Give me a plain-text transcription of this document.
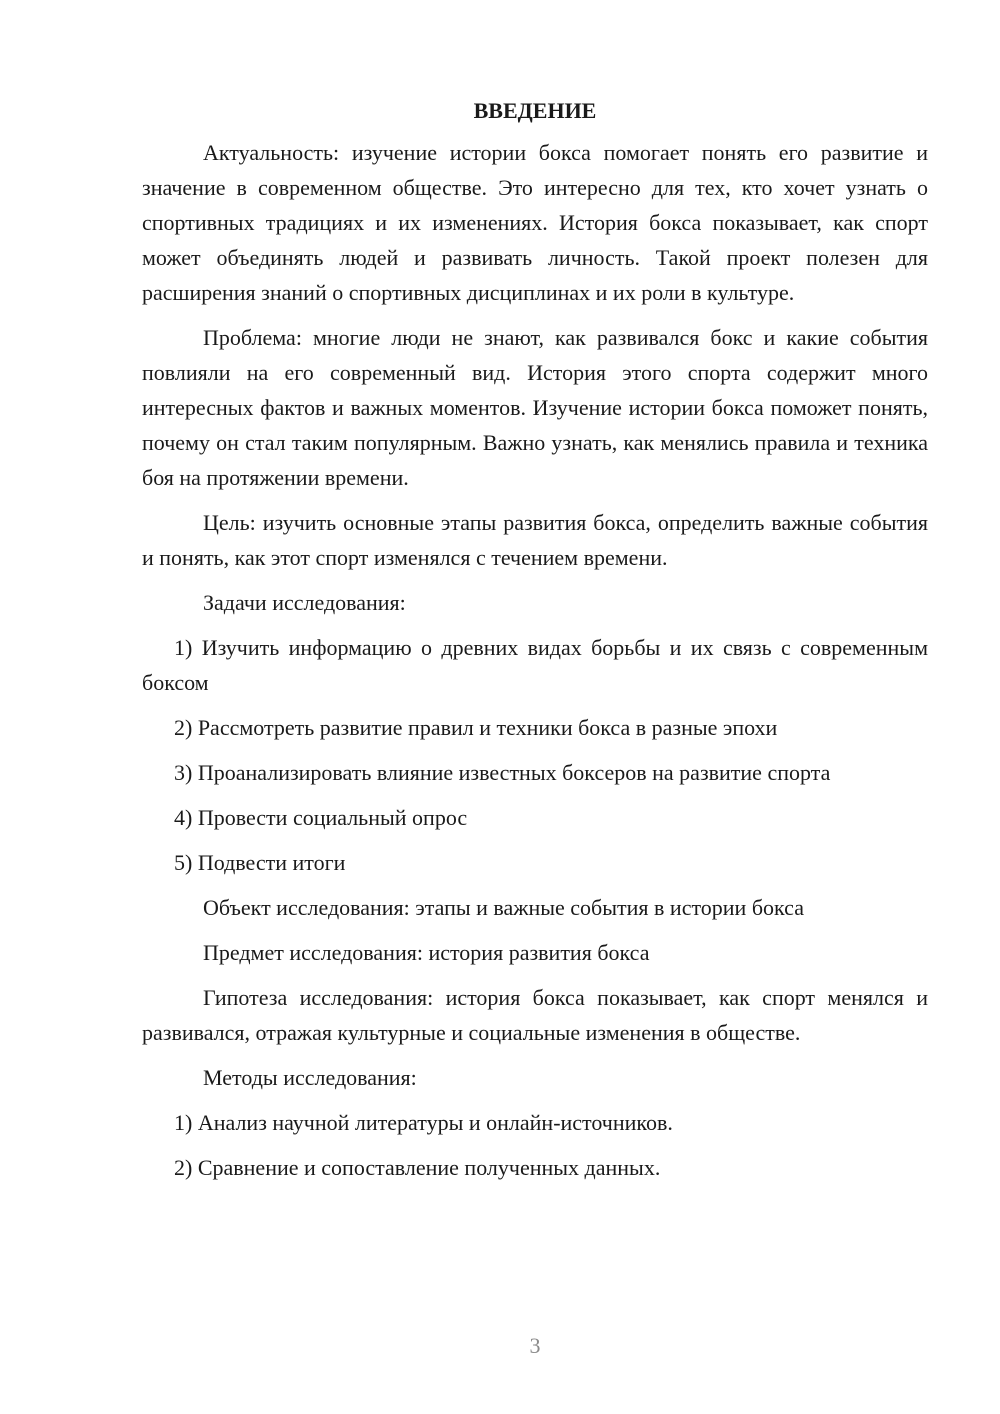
ВВЕДЕНИЕ

Актуальность: изучение истории бокса помогает понять его развитие и значение в современном обществе. Это интересно для тех, кто хочет узнать о спортивных традициях и их изменениях. История бокса показывает, как спорт может объединять людей и развивать личность. Такой проект полезен для расширения знаний о спортивных дисциплинах и их роли в культуре.

Проблема: многие люди не знают, как развивался бокс и какие события повлияли на его современный вид. История этого спорта содержит много интересных фактов и важных моментов. Изучение истории бокса поможет понять, почему он стал таким популярным. Важно узнать, как менялись правила и техника боя на протяжении времени.

Цель: изучить основные этапы развития бокса, определить важные события и понять, как этот спорт изменялся с течением времени.

Задачи исследования:

1) Изучить информацию о древних видах борьбы и их связь с современным боксом

2) Рассмотреть развитие правил и техники бокса в разные эпохи

3) Проанализировать влияние известных боксеров на развитие спорта

4) Провести социальный опрос

5) Подвести итоги

Объект исследования: этапы и важные события в истории бокса

Предмет исследования: история развития бокса

Гипотеза исследования: история бокса показывает, как спорт менялся и развивался, отражая культурные и социальные изменения в обществе.

Методы исследования:

1) Анализ научной литературы и онлайн-источников.

2) Сравнение и сопоставление полученных данных.

3
